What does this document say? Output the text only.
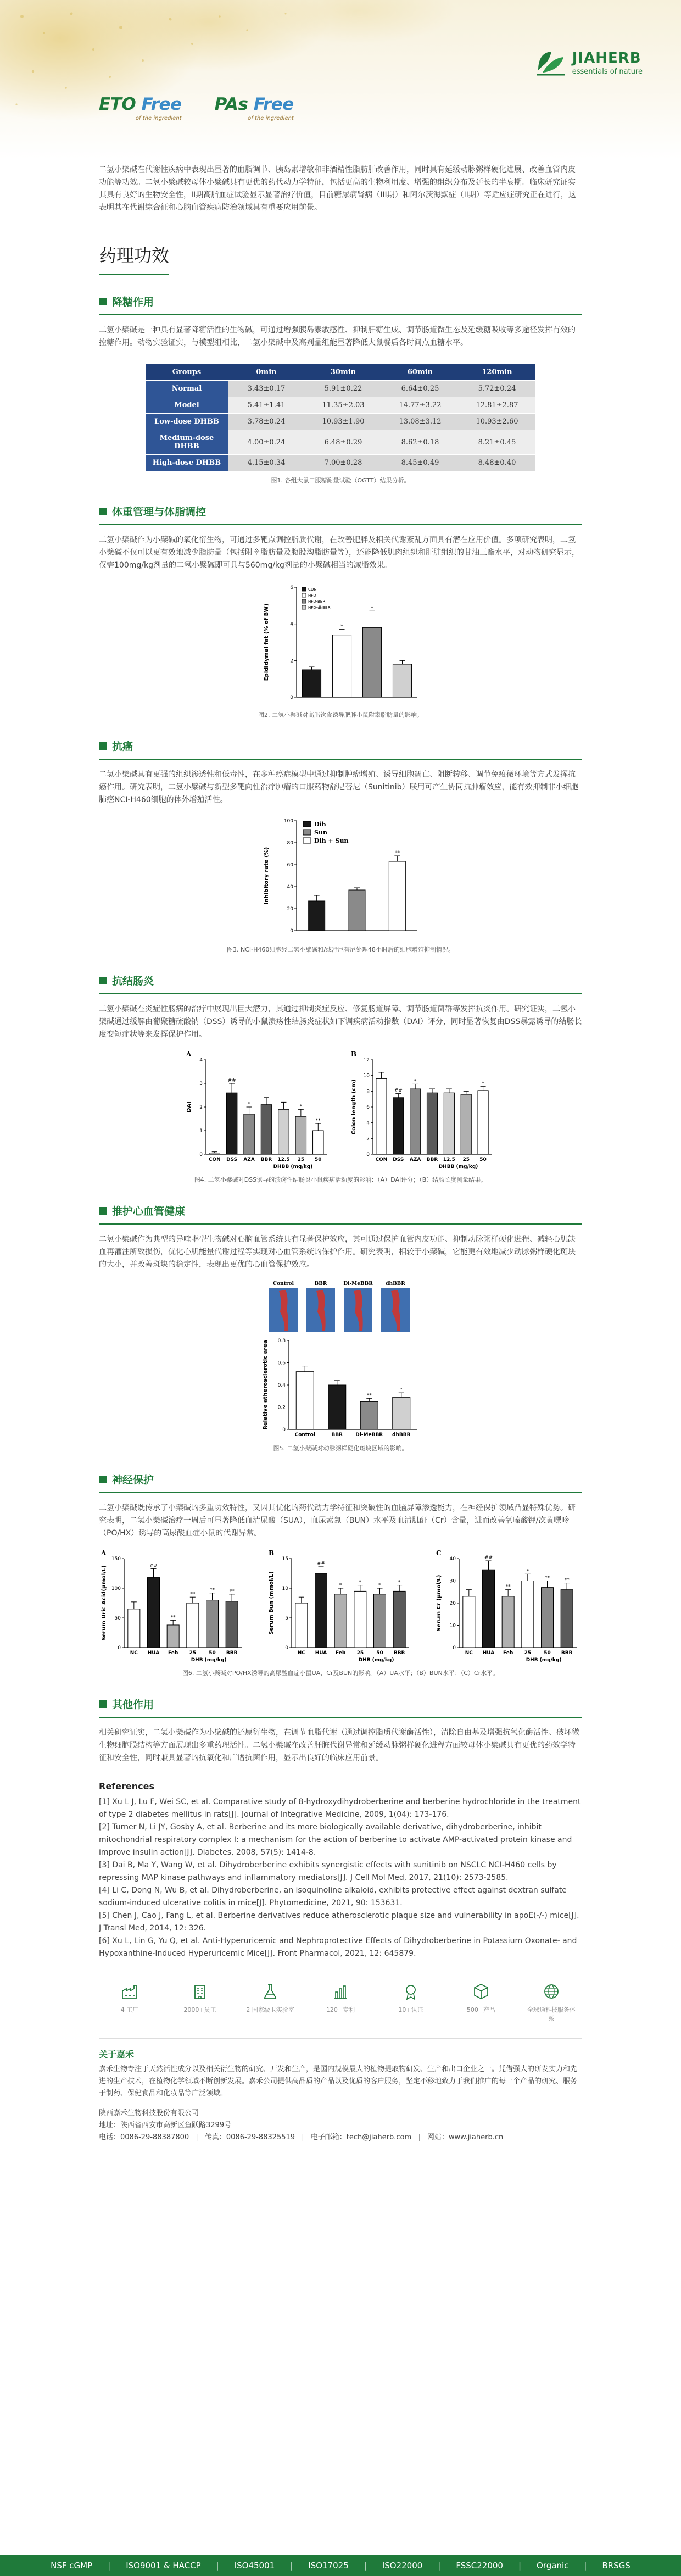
JIAHERB
essentials of nature
ETO Free
of the ingredient
PAs Free
of the ingredient

二氢小檗碱在代谢性疾病中表现出显著的血脂调节、胰岛素增敏和非酒精性脂肪肝改善作用，同时具有延缓动脉粥样硬化进展、改善血管内皮功能等功效。二氢小檗碱较母体小檗碱具有更优的药代动力学特征，包括更高的生物利用度、增强的组织分布及延长的半衰期。临床研究证实其具有良好的生物安全性，II期高脂血症试验显示显著治疗价值，目前糖尿病肾病（III期）和阿尔茨海默症（II期）等适应症研究正在进行，这表明其在代谢综合征和心脑血管疾病防治领域具有重要应用前景。

药理功效
降糖作用

二氢小檗碱是一种具有显著降糖活性的生物碱，可通过增强胰岛素敏感性、抑制肝糖生成、调节肠道微生态及延缓糖吸收等多途径发挥有效的控糖作用。动物实验证实，与模型组相比，二氢小檗碱中及高剂量组能显著降低大鼠餐后各时间点血糖水平。

Groups	0min	30min	60min	120min
Normal	3.43±0.17	5.91±0.22	6.64±0.25	5.72±0.24
Model	5.41±1.41	11.35±2.03	14.77±3.22	12.81±2.87
Low-dose DHBB	3.78±0.24	10.93±1.90	13.08±3.12	10.93±2.60
Medium-dose DHBB	4.00±0.24	6.48±0.29	8.62±0.18	8.21±0.45
High-dose DHBB	4.15±0.34	7.00±0.28	8.45±0.49	8.48±0.40
图1. 各组大鼠口服糖耐量试验（OGTT）结果分析。
体重管理与体脂调控

二氢小檗碱作为小檗碱的氧化衍生物，可通过多靶点调控脂质代谢，在改善肥胖及相关代谢紊乱方面具有潜在应用价值。多项研究表明，二氢小檗碱不仅可以更有效地减少脂肪量（包括附睾脂肪量及腹股沟脂肪量等），还能降低肌肉组织和肝脏组织的甘油三酯水平，对动物研究显示，仅需100mg/kg剂量的二氢小檗碱即可具与560mg/kg剂量的小檗碱相当的减脂效果。

0
2
4
6
Epididymal fat (% of BW)	*
*
CON
HFD
HFD-BBR
HFD-dhBBR
图2. 二氢小檗碱对高脂饮食诱导肥胖小鼠附睾脂肪量的影响。
抗癌

二氢小檗碱具有更强的组织渗透性和低毒性，在多种癌症模型中通过抑制肿瘤增殖、诱导细胞凋亡、阻断转移、调节免疫微环境等方式发挥抗癌作用。研究表明，二氢小檗碱与新型多靶向性治疗肿瘤的口服药物舒尼替尼（Sunitinib）联用可产生协同抗肿瘤效应，能有效抑制非小细胞肺癌NCI-H460细胞的体外增殖活性。

0
20
40
60
80
100
Inhibitory rate (%)	**
Dih
Sun
Dih + Sun
图3. NCI-H460细胞经二氢小檗碱和/或舒尼替尼处理48小时后的细胞增殖抑制情况。
抗结肠炎

二氢小檗碱在炎症性肠病的治疗中展现出巨大潜力，其通过抑制炎症反应、修复肠道屏障、调节肠道菌群等发挥抗炎作用。研究证实，二氢小檗碱通过缓解由葡聚糖硫酸钠（DSS）诱导的小鼠溃疡性结肠炎症状如下调疾病活动指数（DAI）评分，同时显著恢复由DSS暴露诱导的结肠长度变短症状等来发挥保护作用。

0
1
2
3
4
DAI
A
CON
##
DSS
*
AZA BBR 12.5
*
25
**
50
DHBB (mg/kg)
0
2
4
6
8
10
12
Colon length (cm)
B
CON
##
DSS
*
AZA BBR 12.5 25
*
50
DHBB (mg/kg)
图4. 二氢小檗碱对DSS诱导的溃疡性结肠炎小鼠疾病活动度的影响：（A）DAI评分；（B）结肠长度测量结果。
推护心血管健康

二氢小檗碱作为典型的异喹啉型生物碱对心脑血管系统具有显著保护效应，其可通过保护血管内皮功能、抑制动脉粥样硬化进程、减轻心肌缺血再灌注所致损伤，优化心肌能量代谢过程等实现对心血管系统的保护作用。研究表明，相较于小檗碱，它能更有效地减少动脉粥样硬化斑块的大小，并改善斑块的稳定性，表现出更优的心血管保护效应。

Control	BBR	Di-MeBBR	dhBBR
0
0.2
0.4
0.6
0.8
Relative atherosclerotic area
Control	BBR
**
Di-MeBBR
*
dhBBR
图5. 二氢小檗碱对动脉粥样硬化斑块区域的影响。
神经保护

二氢小檗碱既传承了小檗碱的多重功效特性，又因其优化的药代动力学特征和突破性的血脑屏障渗透能力，在神经保护领域凸显特殊优势。研究表明，二氢小檗碱治疗一周后可显著降低血清尿酸（SUA），血尿素氮（BUN）水平及血清肌酐（Cr）含量，进而改善氧嗪酸钾/次黄嘌呤（PO/HX）诱导的高尿酸血症小鼠的代谢异常。

0
50
100
150
Serum Uric Acid(µmol/L)
A
NC
##
HUA
**
Feb
**
25
**
50
**
BBR
DHB (mg/kg)
0
5
10
15
Serum Bun (mmol/L)
B
NC
##
HUA
*
Feb
*
25
*
50
*
BBR
DHB (mg/kg)
0
10
20
30
40
Serum Cr (µmol/L)
C
NC
##
HUA
**
Feb
*
25
**
50
**
BBR
DHB (mg/kg)
图6. 二氢小檗碱对PO/HX诱导的高尿酸血症小鼠UA、Cr及BUN的影响。（A）UA水平；（B）BUN水平；（C）Cr水平。
其他作用

相关研究证实，二氢小檗碱作为小檗碱的还原衍生物，在调节血脂代谢（通过调控脂质代谢酶活性），清除自由基及增强抗氧化酶活性、破坏微生物细胞膜结构等方面展现出多重药理活性。二氢小檗碱在改善肝脏代谢异常和延缓动脉粥样硬化进程方面较母体小檗碱具有更优的药效学特征和安全性，同时兼具显著的抗氧化和广谱抗菌作用，显示出良好的临床应用前景。

References

[1] Xu L J, Lu F, Wei SC, et al. Comparative study of 8-hydroxydihydroberberine and berberine hydrochloride in the treatment of type 2 diabetes mellitus in rats[J]. Journal of Integrative Medicine, 2009, 1(04): 173-176.

[2] Turner N, Li JY, Gosby A, et al. Berberine and its more biologically available derivative, dihydroberberine, inhibit mitochondrial respiratory complex I: a mechanism for the action of berberine to activate AMP-activated protein kinase and improve insulin action[J]. Diabetes, 2008, 57(5): 1414-8.

[3] Dai B, Ma Y, Wang W, et al. Dihydroberberine exhibits synergistic effects with sunitinib on NSCLC NCI-H460 cells by repressing MAP kinase pathways and inflammatory mediators[J]. J Cell Mol Med, 2017, 21(10): 2573-2585.

[4] Li C, Dong N, Wu B, et al. Dihydroberberine, an isoquinoline alkaloid, exhibits protective effect against dextran sulfate sodium-induced ulcerative colitis in mice[J]. Phytomedicine, 2021, 90: 153631.

[5] Chen J, Cao J, Fang L, et al. Berberine derivatives reduce atherosclerotic plaque size and vulnerability in apoE(-/-) mice[J]. J Transl Med, 2014, 12: 326.

[6] Xu L, Lin G, Yu Q, et al. Anti-Hyperuricemic and Nephroprotective Effects of Dihydroberberine in Potassium Oxonate- and Hypoxanthine-Induced Hyperuricemic Mice[J]. Front Pharmacol, 2021, 12: 645879.

4 工厂	2000+员工	2 国家级卫实验室	120+专利	10+认证	500+产品	全球通科技服务体系
关于嘉禾

嘉禾生物专注于天然活性成分以及相关衍生物的研究、开发和生产，是国内规模最大的植物提取物研发、生产和出口企业之一。凭借强大的研发实力和先进的生产技术，在植物化学领域不断创新发展。嘉禾公司提供高品质的产品以及优质的客户服务，坚定不移地致力于我们推广的每一个产品的研究、服务于制药、保健食品和化妆品等广泛领域。

陕西嘉禾生物科技股份有限公司
地址：陕西省西安市高新区鱼跃路3299号
电话：0086-29-88387800 | 传真：0086-29-88325519 | 电子邮箱：tech@jiaherb.com | 网站：www.jiaherb.cn
NSF cGMP | ISO9001 & HACCP | ISO45001 | ISO17025 | ISO22000 | FSSC22000 | Organic | BRSGS
